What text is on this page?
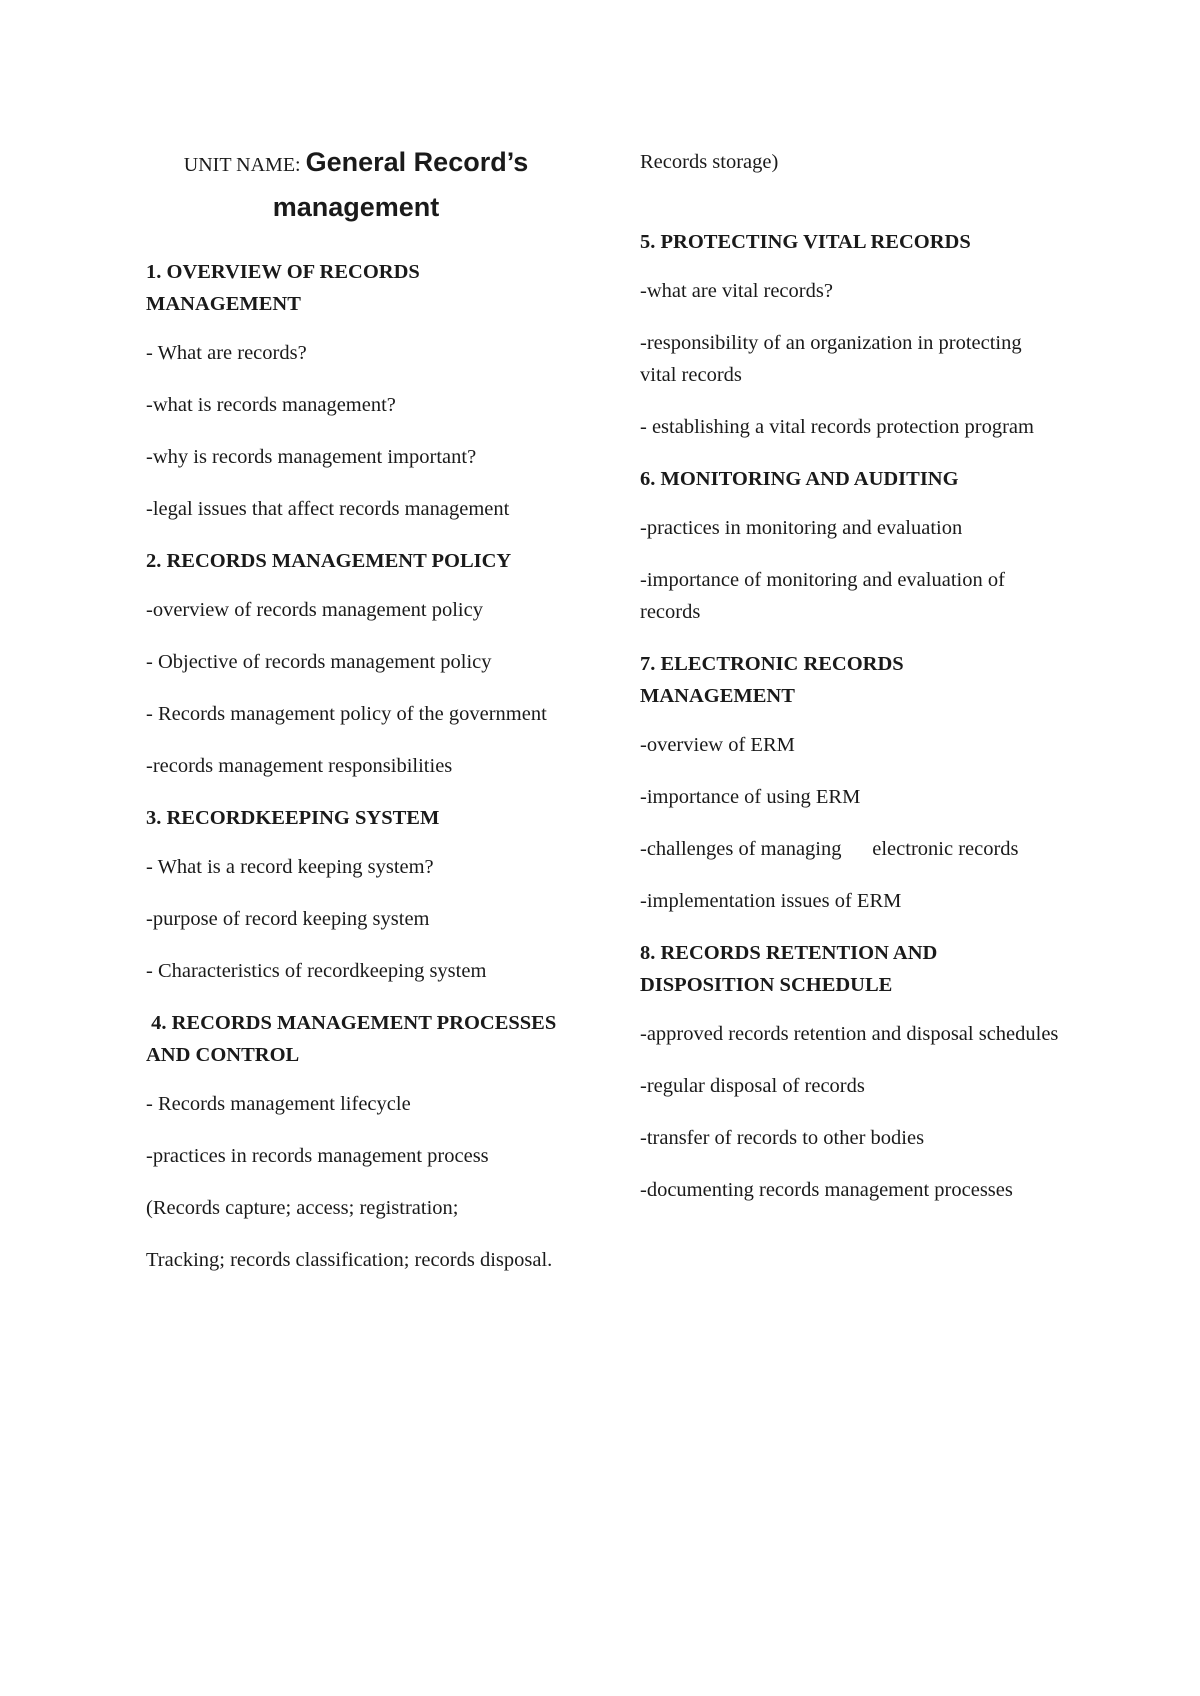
UNIT NAME: General Record’s management
1. OVERVIEW OF RECORDS MANAGEMENT
- What are records?
-what is records management?
-why is records management important?
-legal issues that affect records management
2. RECORDS MANAGEMENT POLICY
-overview of records management policy
- Objective of records management policy
- Records management policy of the government
-records management responsibilities
3. RECORDKEEPING SYSTEM
- What is a record keeping system?
-purpose of record keeping system
- Characteristics of recordkeeping system
4. RECORDS MANAGEMENT PROCESSES AND CONTROL
- Records management lifecycle
-practices in records management process
(Records capture; access; registration;
Tracking; records classification; records disposal.
Records storage)
5. PROTECTING VITAL RECORDS
-what are vital records?
-responsibility of an organization in protecting vital records
- establishing a vital records protection program
6. MONITORING AND AUDITING
-practices in monitoring and evaluation
-importance of monitoring and evaluation of records
7. ELECTRONIC RECORDS MANAGEMENT
-overview of ERM
-importance of using ERM
-challenges of managing      electronic records
-implementation issues of ERM
8. RECORDS RETENTION AND DISPOSITION SCHEDULE
-approved records retention and disposal schedules
-regular disposal of records
-transfer of records to other bodies
-documenting records management processes
